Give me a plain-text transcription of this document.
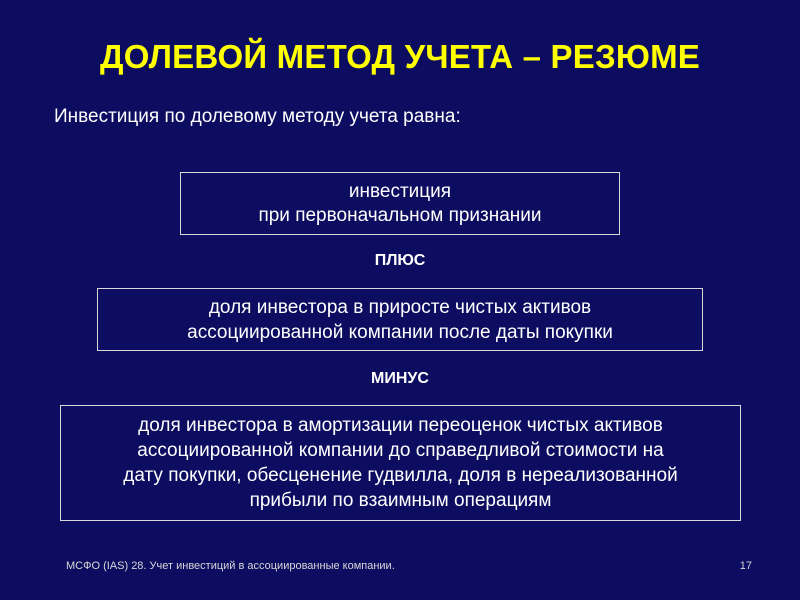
ДОЛЕВОЙ МЕТОД УЧЕТА – РЕЗЮМЕ
Инвестиция по долевому методу учета равна:
инвестиция
при первоначальном признании
ПЛЮС
доля инвестора в приросте чистых активов
ассоциированной компании после даты покупки
МИНУС
доля инвестора в амортизации переоценок чистых активов
ассоциированной компании до справедливой стоимости на
дату покупки, обесценение гудвилла, доля в нереализованной
прибыли по взаимным операциям
МСФО (IAS) 28. Учет инвестиций в ассоциированные компании.	17
